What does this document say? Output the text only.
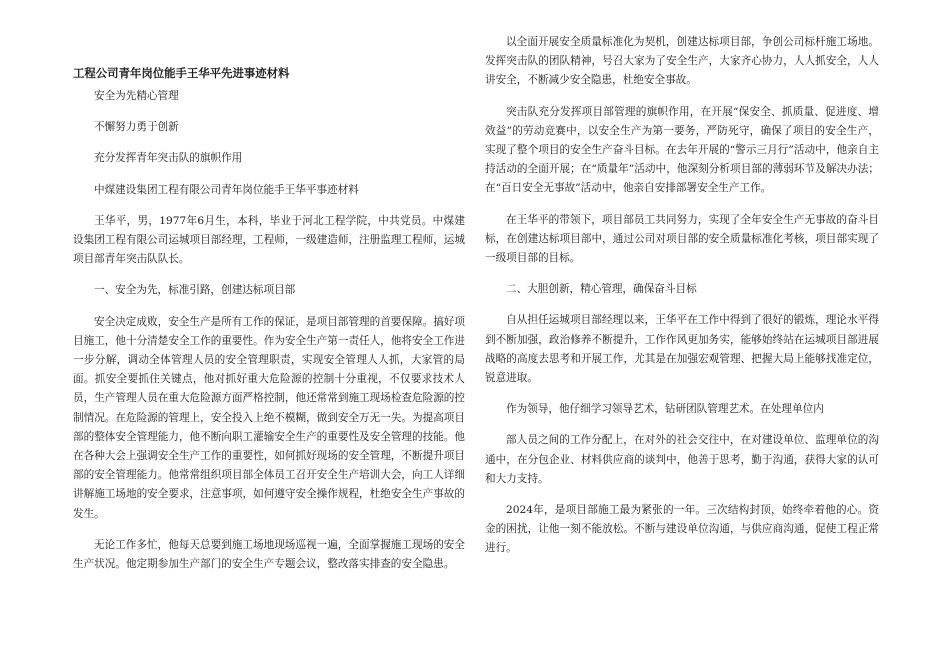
工程公司青年岗位能手王华平先进事迹材料

安全为先精心管理

不懈努力勇于创新

充分发挥青年突击队的旗帜作用

中煤建设集团工程有限公司青年岗位能手王华平事迹材料

王华平，男，1977年6月生，本科，毕业于河北工程学院，中共党员。中煤建设集团工程有限公司运城项目部经理，工程师，一级建造师，注册监理工程师，运城项目部青年突击队队长。

一、安全为先，标准引路，创建达标项目部

安全决定成败，安全生产是所有工作的保证，是项目部管理的首要保障。搞好项目施工，他十分清楚安全工作的重要性。作为安全生产第一责任人，他将安全工作进一步分解，调动全体管理人员的安全管理职责，实现安全管理人人抓，大家管的局面。抓安全要抓住关键点，他对抓好重大危险源的控制十分重视，不仅要求技术人员，生产管理人员在重大危险源方面严格控制，他还常常到施工现场检查危险源的控制情况。在危险源的管理上，安全投入上绝不模糊，做到安全万无一失。为提高项目部的整体安全管理能力，他不断向职工灌输安全生产的重要性及安全管理的技能。他在各种大会上强调安全生产工作的重要性，如何抓好现场的安全管理，不断提升项目部的安全管理能力。他常常组织项目部全体员工召开安全生产培训大会，向工人详细讲解施工场地的安全要求，注意事项，如何遵守安全操作规程，杜绝安全生产事故的发生。

无论工作多忙，他每天总要到施工场地现场巡视一遍，全面掌握施工现场的安全生产状况。他定期参加生产部门的安全生产专题会议，整改落实排查的安全隐患。

以全面开展安全质量标准化为契机，创建达标项目部，争创公司标杆施工场地。发挥突击队的团队精神，号召大家为了安全生产，大家齐心协力，人人抓安全，人人讲安全，不断减少安全隐患，杜绝安全事故。

突击队充分发挥项目部管理的旗帜作用，在开展“保安全、抓质量、促进度、增效益”的劳动竞赛中，以安全生产为第一要务，严防死守，确保了项目的安全生产，实现了整个项目的安全生产奋斗目标。在去年开展的“警示三月行”活动中，他亲自主持活动的全面开展；在“质量年”活动中，他深刻分析项目部的薄弱环节及解决办法；在“百日安全无事故”活动中，他亲自安排部署安全生产工作。

在王华平的带领下，项目部员工共同努力，实现了全年安全生产无事故的奋斗目标，在创建达标项目部中，通过公司对项目部的安全质量标准化考核，项目部实现了一级项目部的目标。

二、大胆创新，精心管理，确保奋斗目标

自从担任运城项目部经理以来，王华平在工作中得到了很好的锻炼，理论水平得到不断加强，政治修养不断提升，工作作风更加务实，能够始终站在运城项目部进展战略的高度去思考和开展工作，尤其是在加强宏观管理、把握大局上能够找准定位，锐意进取。

作为领导，他仔细学习领导艺术，钻研团队管理艺术。在处理单位内

部人员之间的工作分配上，在对外的社会交往中，在对建设单位、监理单位的沟通中，在分包企业、材料供应商的谈判中，他善于思考，勤于沟通，获得大家的认可和大力支持。

2024年，是项目部施工最为紧张的一年。三次结构封顶，始终牵着他的心。资金的困扰，让他一刻不能放松。不断与建设单位沟通，与供应商沟通，促使工程正常进行。
